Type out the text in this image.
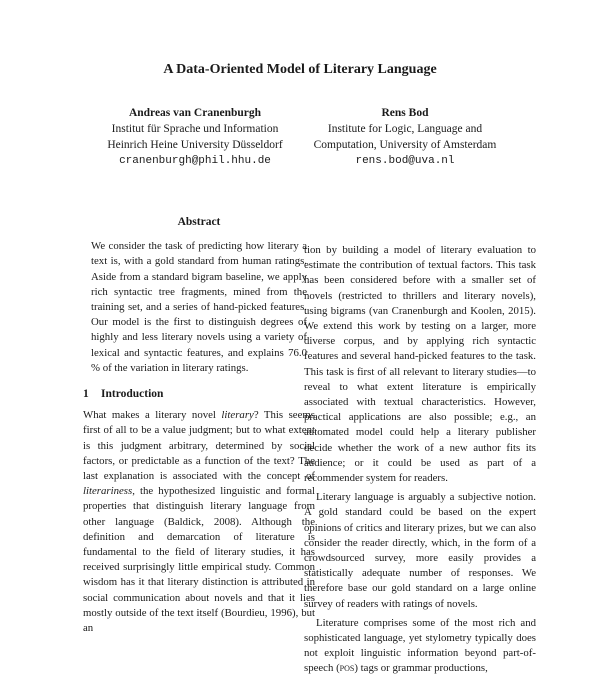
A Data-Oriented Model of Literary Language
Andreas van Cranenburgh
Institut für Sprache und Information
Heinrich Heine University Düsseldorf
cranenburgh@phil.hhu.de
Rens Bod
Institute for Logic, Language and
Computation, University of Amsterdam
rens.bod@uva.nl
Abstract

We consider the task of predicting how literary a text is, with a gold standard from human ratings. Aside from a standard bigram baseline, we apply rich syntactic tree fragments, mined from the training set, and a series of hand-picked features. Our model is the first to distinguish degrees of highly and less literary novels using a variety of lexical and syntactic features, and explains 76.0 % of the variation in literary ratings.

1 Introduction

What makes a literary novel literary? This seems first of all to be a value judgment; but to what extent is this judgment arbitrary, determined by social factors, or predictable as a function of the text? The last explanation is associated with the concept of literariness, the hypothesized linguistic and formal properties that distinguish literary language from other language (Baldick, 2008). Although the definition and demarcation of literature is fundamental to the field of literary studies, it has received surprisingly little empirical study. Common wisdom has it that literary distinction is attributed in social communication about novels and that it lies mostly outside of the text itself (Bourdieu, 1996), but an

tion by building a model of literary evaluation to estimate the contribution of textual factors. This task has been considered before with a smaller set of novels (restricted to thrillers and literary novels), using bigrams (van Cranenburgh and Koolen, 2015). We extend this work by testing on a larger, more diverse corpus, and by applying rich syntactic features and several hand-picked features to the task. This task is first of all relevant to literary studies—to reveal to what extent literature is empirically associated with textual characteristics. However, practical applications are also possible; e.g., an automated model could help a literary publisher decide whether the work of a new author fits its audience; or it could be used as part of a recommender system for readers.

Literary language is arguably a subjective notion. A gold standard could be based on the expert opinions of critics and literary prizes, but we can also consider the reader directly, which, in the form of a crowdsourced survey, more easily provides a statistically adequate number of responses. We therefore base our gold standard on a large online survey of readers with ratings of novels.

Literature comprises some of the most rich and sophisticated language, yet stylometry typically does not exploit linguistic information beyond part-of-speech (pos) tags or grammar productions,
